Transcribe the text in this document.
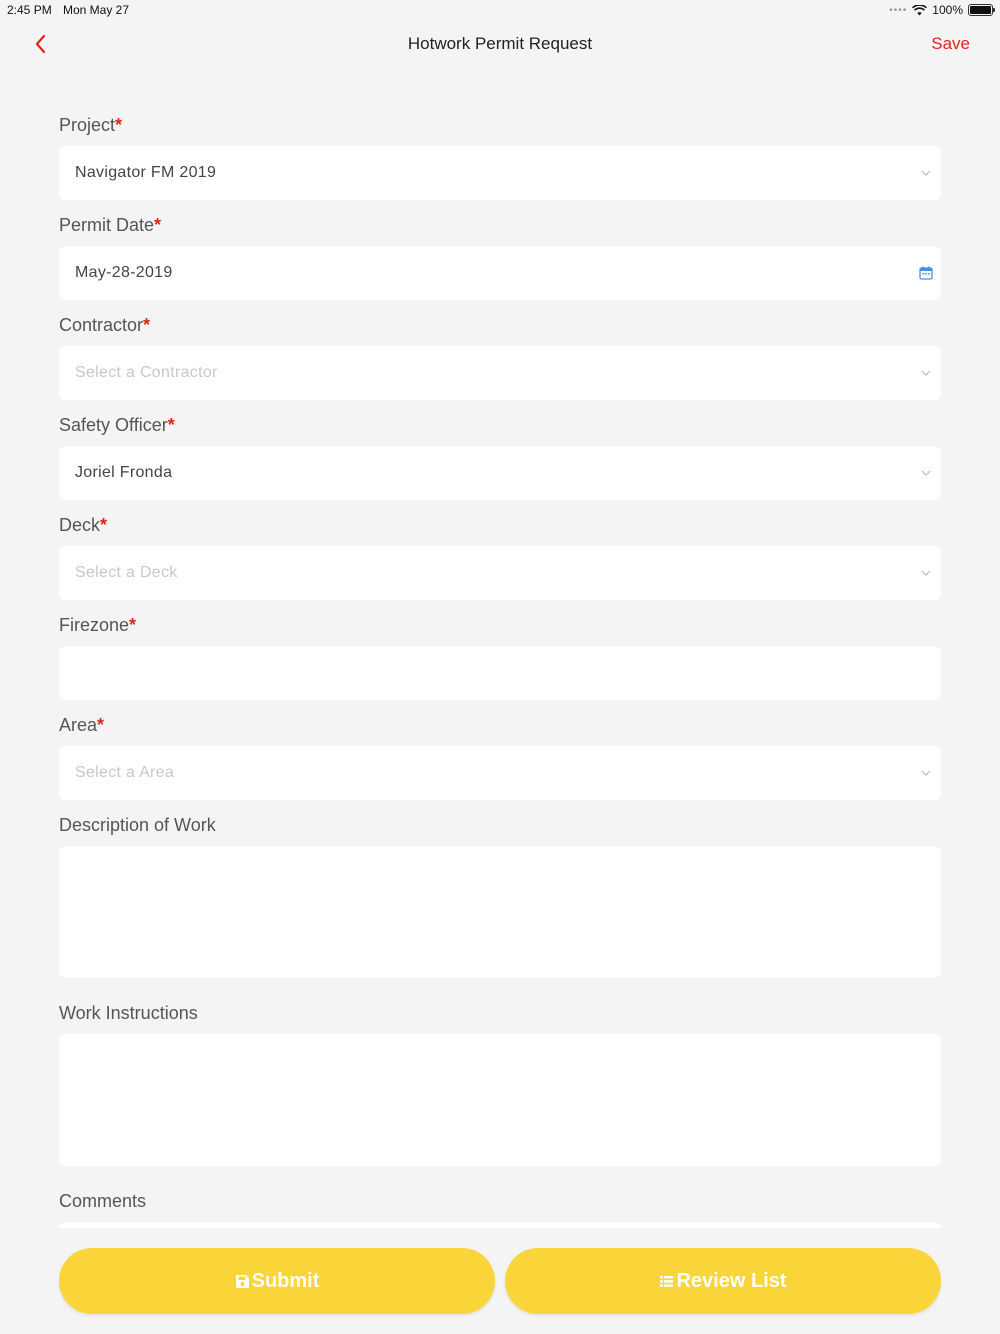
2:45 PM Mon May 27	•••• 100%
Hotwork Permit Request	Save
Project*
Navigator FM 2019
Permit Date*
May-28-2019
Contractor*
Select a Contractor
Safety Officer*
Joriel Fronda
Deck*
Select a Deck
Firezone*
Area*
Select a Area
Description of Work
Work Instructions
Comments
Submit	Review List
